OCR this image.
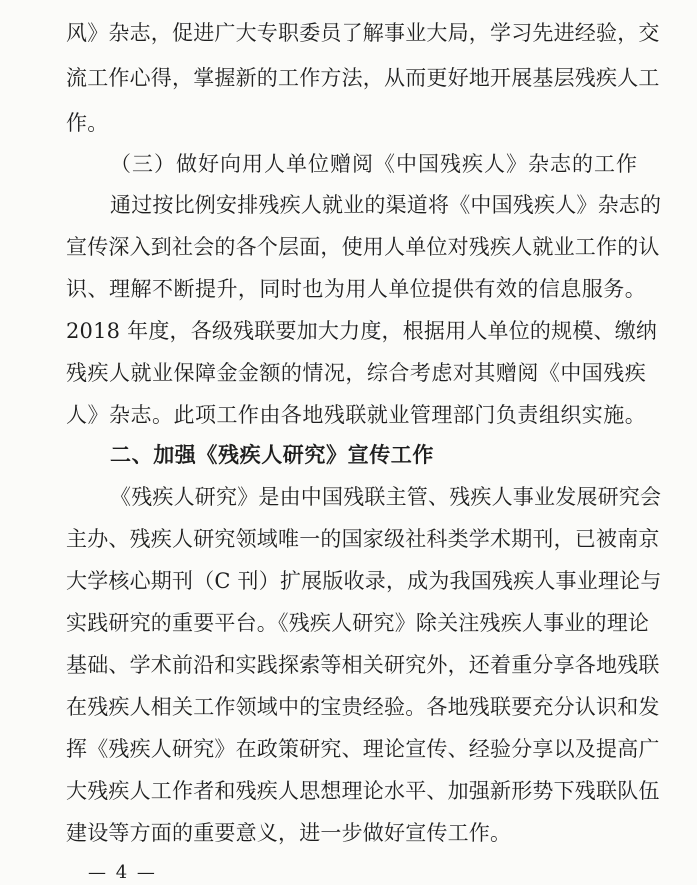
风》杂志，促进广大专职委员了解事业大局，学习先进经验，交
流工作心得，掌握新的工作方法，从而更好地开展基层残疾人工
作。
（三）做好向用人单位赠阅《中国残疾人》杂志的工作
通过按比例安排残疾人就业的渠道将《中国残疾人》杂志的
宣传深入到社会的各个层面，使用人单位对残疾人就业工作的认
识、理解不断提升，同时也为用人单位提供有效的信息服务。
2018 年度，各级残联要加大力度，根据用人单位的规模、缴纳
残疾人就业保障金金额的情况，综合考虑对其赠阅《中国残疾
人》杂志。此项工作由各地残联就业管理部门负责组织实施。
二、加强《残疾人研究》宣传工作
《残疾人研究》是由中国残联主管、残疾人事业发展研究会
主办、残疾人研究领域唯一的国家级社科类学术期刊，已被南京
大学核心期刊（C 刊）扩展版收录，成为我国残疾人事业理论与
实践研究的重要平台。《残疾人研究》除关注残疾人事业的理论
基础、学术前沿和实践探索等相关研究外，还着重分享各地残联
在残疾人相关工作领域中的宝贵经验。各地残联要充分认识和发
挥《残疾人研究》在政策研究、理论宣传、经验分享以及提高广
大残疾人工作者和残疾人思想理论水平、加强新形势下残联队伍
建设等方面的重要意义，进一步做好宣传工作。
— 4 —
